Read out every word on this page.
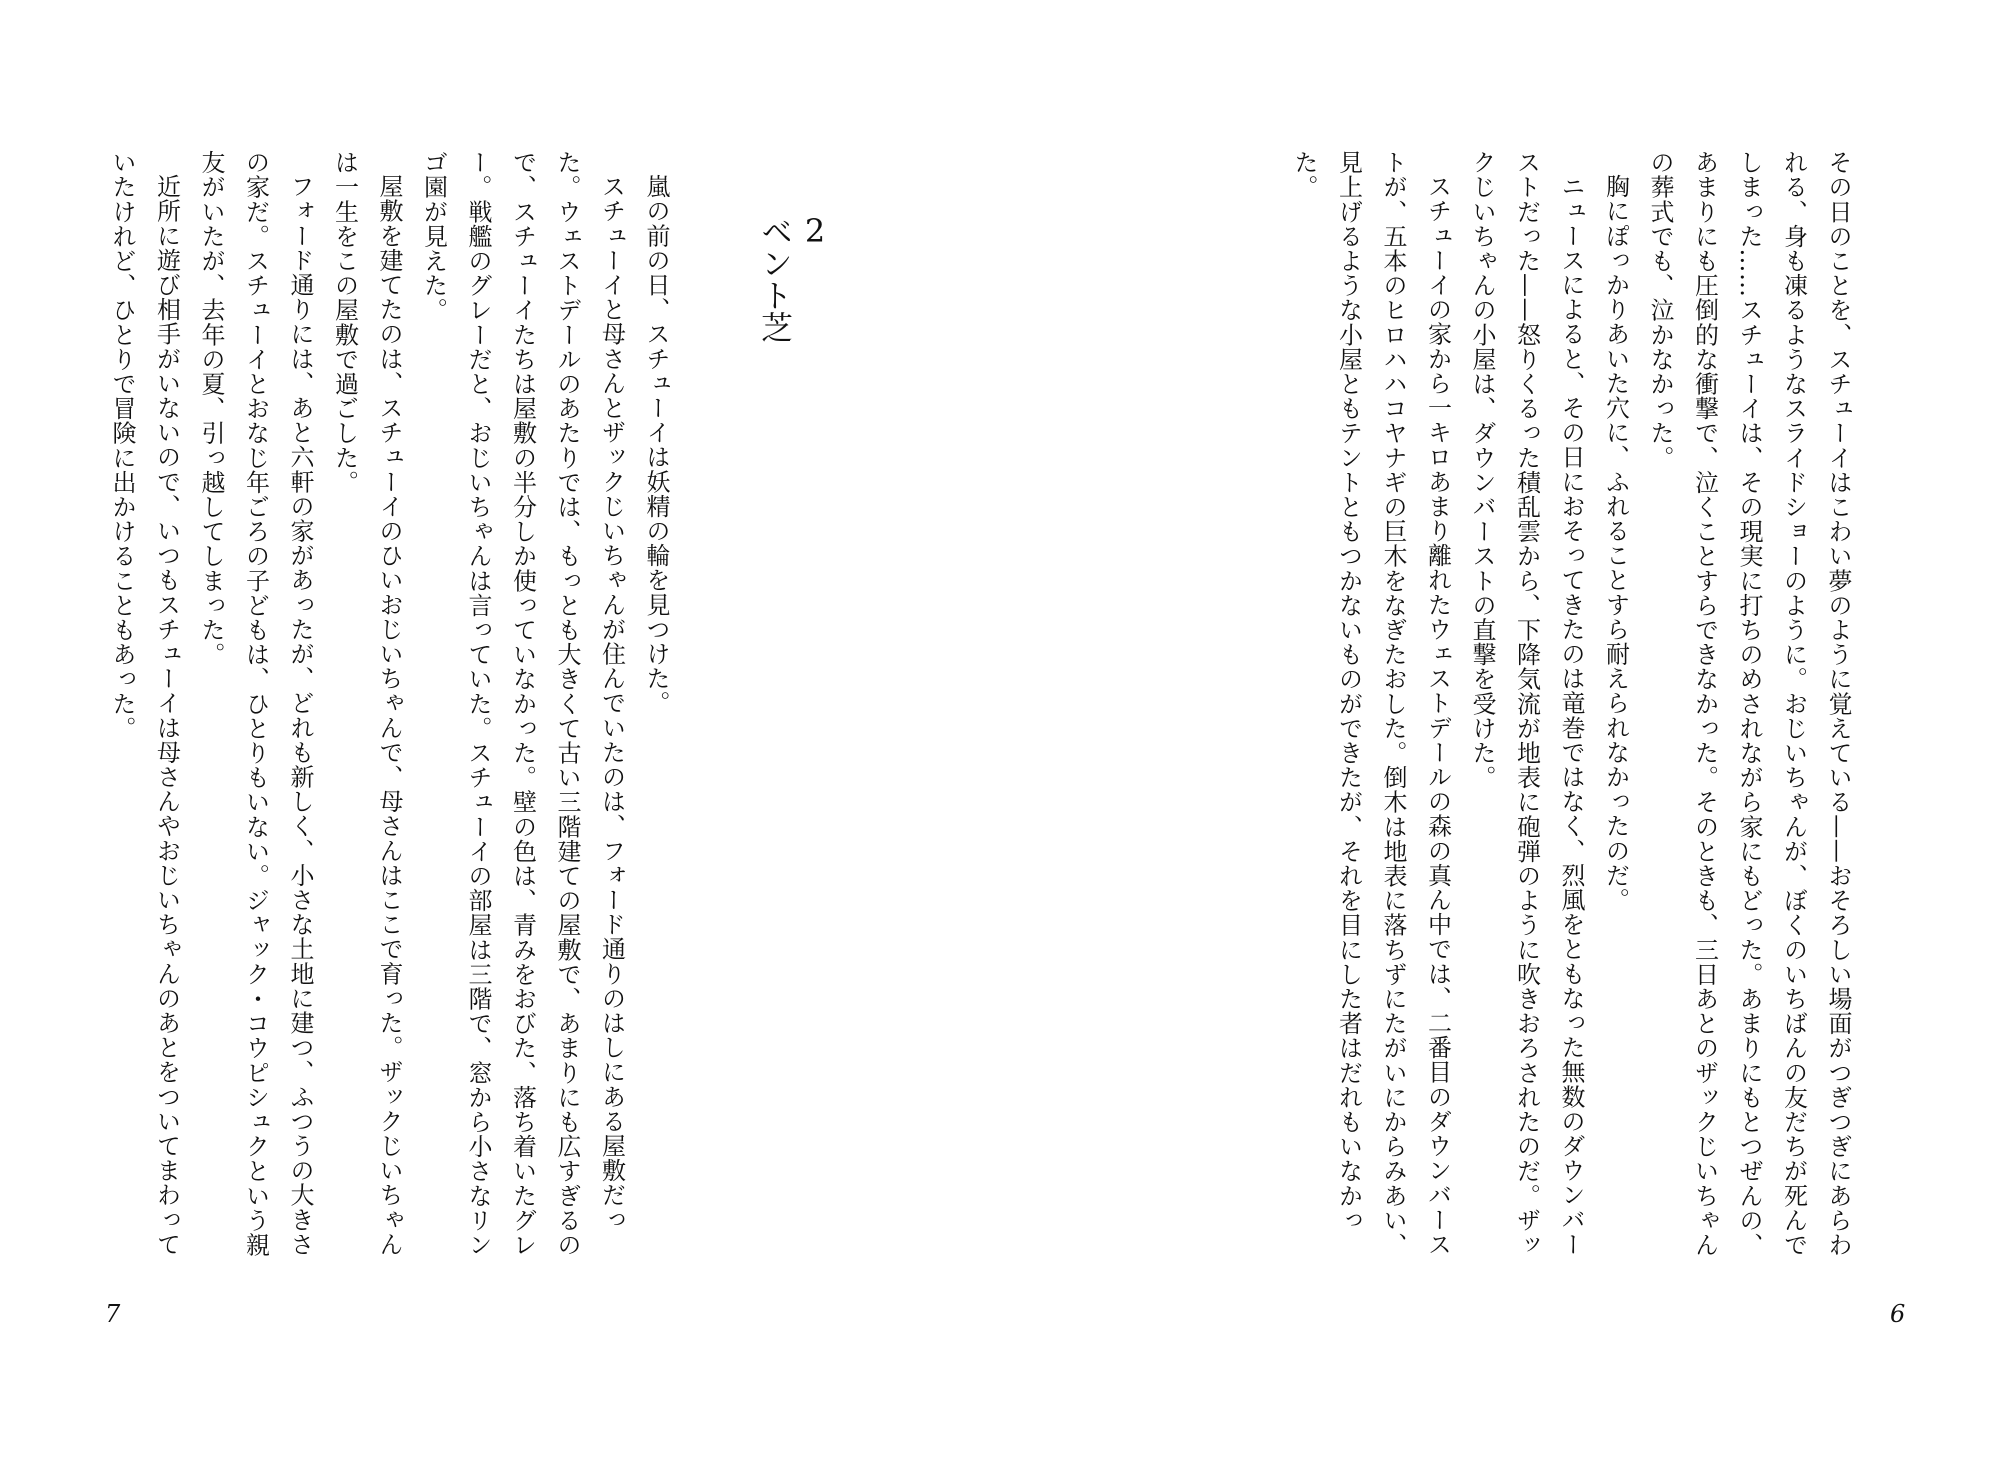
2
ベント芝

嵐の前の日、スチューイは妖精の輪を見つけた。

スチューイと母さんとザックじいちゃんが住んでいたのは、フォード通りのはしにある屋敷だった。ウェストデールのあたりでは、もっとも大きくて古い三階建ての屋敷で、あまりにも広すぎるので、スチューイたちは屋敷の半分しか使っていなかった。壁の色は、青みをおびた、落ち着いたグレー。戦艦のグレーだと、おじいちゃんは言っていた。スチューイの部屋は三階で、窓から小さなリンゴ園が見えた。

屋敷を建てたのは、スチューイのひいおじいちゃんで、母さんはここで育った。ザックじいちゃんは一生をこの屋敷で過ごした。

フォード通りには、あと六軒の家があったが、どれも新しく、小さな土地に建つ、ふつうの大きさの家だ。スチューイとおなじ年ごろの子どもは、ひとりもいない。ジャック・コウピシュクという親友がいたが、去年の夏、引っ越してしまった。

近所に遊び相手がいないので、いつもスチューイは母さんやおじいちゃんのあとをついてまわっていたけれど、ひとりで冒険に出かけることもあった。

7

その日のことを、スチューイはこわい夢のように覚えている——おそろしい場面がつぎつぎにあらわれる、身も凍るようなスライドショーのように。おじいちゃんが、ぼくのいちばんの友だちが死んでしまった……スチューイは、その現実に打ちのめされながら家にもどった。あまりにもとつぜんの、あまりにも圧倒的な衝撃で、泣くことすらできなかった。そのときも、三日あとのザックじいちゃんの葬式でも、泣かなかった。

胸にぽっかりあいた穴に、ふれることすら耐えられなかったのだ。

ニュースによると、その日におそってきたのは竜巻ではなく、烈風をともなった無数のダウンバーストだった——怒りくるった積乱雲から、下降気流が地表に砲弾のように吹きおろされたのだ。ザックじいちゃんの小屋は、ダウンバーストの直撃を受けた。

スチューイの家から一キロあまり離れたウェストデールの森の真ん中では、二番目のダウンバーストが、五本のヒロハハコヤナギの巨木をなぎたおした。倒木は地表に落ちずにたがいにからみあい、見上げるような小屋ともテントともつかないものができたが、それを目にした者はだれもいなかった。

6
